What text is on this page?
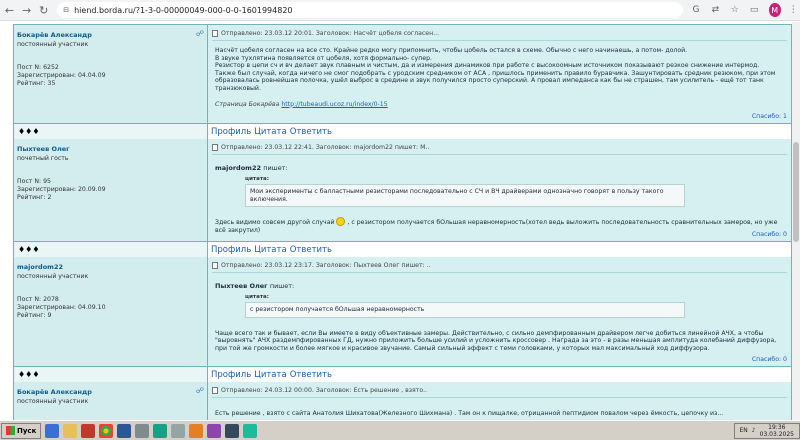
← → ↻	⊟ hiend.borda.ru/?1-3-0-00000049-000-0-0-1601994820	G	⇄	☆ ▭	M ⋮
Бокарёв Александр
постоянный участник
Пост N: 6252
Зарегистрирован: 04.04.09
Рейтинг: 35
☍	Отправлено: 23.03.12 20:01. Заголовок: Насчёт цобеля согласен...
Насчёт цобеля согласен на все сто. Крайне редко могу припомнить, чтобы цобель остался в схеме. Обычно с него начинаешь, а потом- долой.
В звуке тухлятина появляется от цобеля, хотя формально- супер.
Резистор в цепи сч и вч делает звук плавным и чистым, да и измерения динамиков при работе с высокоомным источником показывают резкое снижение интермод.
Также был случай, когда ничего не смог подобрать с уродским средником от АСА , пришлось применить правило буравчика. Зашунтировать средник резюком, при этом образовалась ровнейшая полочка, ушёл выброс в средине и звук получился просто суперский. А провал импеданса как бы не страшен, там усилитель - ещё тот танк транзюковый.
Страница Бокарёва http://tubeaudi.ucoz.ru/index/0-15
Спасибо: 1
♦♦♦	Профиль Цитата Ответить
Пыхтеев Олег
почетный гость
Пост N: 95
Зарегистрирован: 20.09.09
Рейтинг: 2
Отправлено: 23.03.12 22:41. Заголовок: majordom22 пишет: М..
majordom22 пишет:
цитата:
Мои эксперименты с балластными резисторами последовательно с СЧ и ВЧ драйверами однозначно говорят в пользу такого включения.
Здесь видимо совсем другой случай , с резистором получается бОльшая неравномерность(хотел ведь выложить последовательность сравнительных замеров, но уже всё закрутил)
Спасибо: 0
♦♦♦	Профиль Цитата Ответить
majordom22
постоянный участник
Пост N: 2078
Зарегистрирован: 04.09.10
Рейтинг: 9
Отправлено: 23.03.12 23:17. Заголовок: Пыхтеев Олег пишет: ..
Пыхтеев Олег пишет:
цитата:
с резистором получается бОльшая неравномерность
Чаще всего так и бывает, если Вы имеете в виду объективные замеры. Действительно, с сильно демпфированным драйвером легче добиться линейной АЧХ, а чтобы "выровнять" АЧХ раздемпфированных ГД, нужно приложить больше усилий и усложнить кроссовер . Награда за это - в разы меньшая амплитуда колебаний диффузора, при той же громкости и более мягкое и красивое звучание. Самый сильный эффект с теми головками, у которых мал максимальный ход диффузора.
Спасибо: 0
♦♦♦	Профиль Цитата Ответить
Бокарёв Александр
постоянный участник
☍	Отправлено: 24.03.12 00:00. Заголовок: Есть решение , взято..
Есть решение , взято с сайта Анатолия Шихатова(Железного Шихмана) . Там он к пищалке, отрицанной пептидиом повалом через ёмкость, цепочку из...
Пуск	EN ♪ 19:36
03.03.2025
